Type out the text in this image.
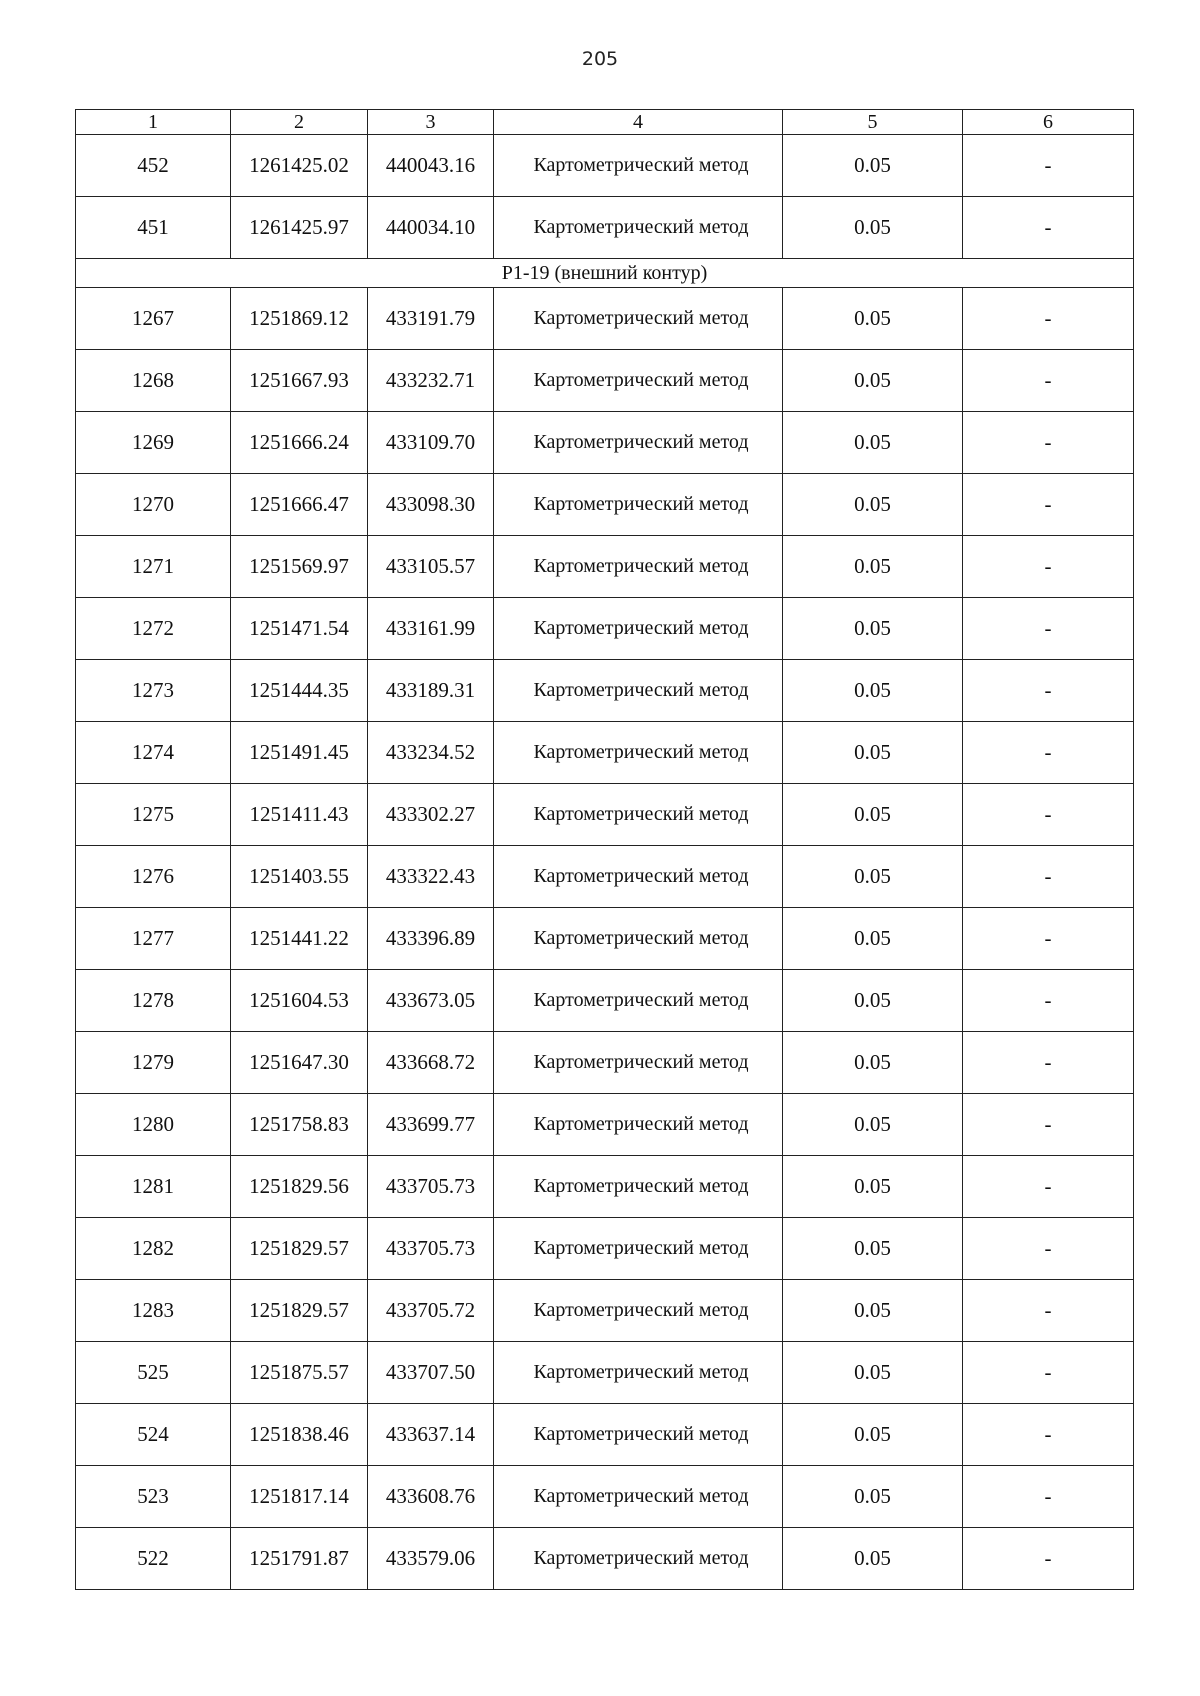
205
1	2	3	4	5	6
452	1261425.02	440043.16	Картометрический метод	0.05	-
451	1261425.97	440034.10	Картометрический метод	0.05	-
Р1-19 (внешний контур)					
1267	1251869.12	433191.79	Картометрический метод	0.05	-
1268	1251667.93	433232.71	Картометрический метод	0.05	-
1269	1251666.24	433109.70	Картометрический метод	0.05	-
1270	1251666.47	433098.30	Картометрический метод	0.05	-
1271	1251569.97	433105.57	Картометрический метод	0.05	-
1272	1251471.54	433161.99	Картометрический метод	0.05	-
1273	1251444.35	433189.31	Картометрический метод	0.05	-
1274	1251491.45	433234.52	Картометрический метод	0.05	-
1275	1251411.43	433302.27	Картометрический метод	0.05	-
1276	1251403.55	433322.43	Картометрический метод	0.05	-
1277	1251441.22	433396.89	Картометрический метод	0.05	-
1278	1251604.53	433673.05	Картометрический метод	0.05	-
1279	1251647.30	433668.72	Картометрический метод	0.05	-
1280	1251758.83	433699.77	Картометрический метод	0.05	-
1281	1251829.56	433705.73	Картометрический метод	0.05	-
1282	1251829.57	433705.73	Картометрический метод	0.05	-
1283	1251829.57	433705.72	Картометрический метод	0.05	-
525	1251875.57	433707.50	Картометрический метод	0.05	-
524	1251838.46	433637.14	Картометрический метод	0.05	-
523	1251817.14	433608.76	Картометрический метод	0.05	-
522	1251791.87	433579.06	Картометрический метод	0.05	-
